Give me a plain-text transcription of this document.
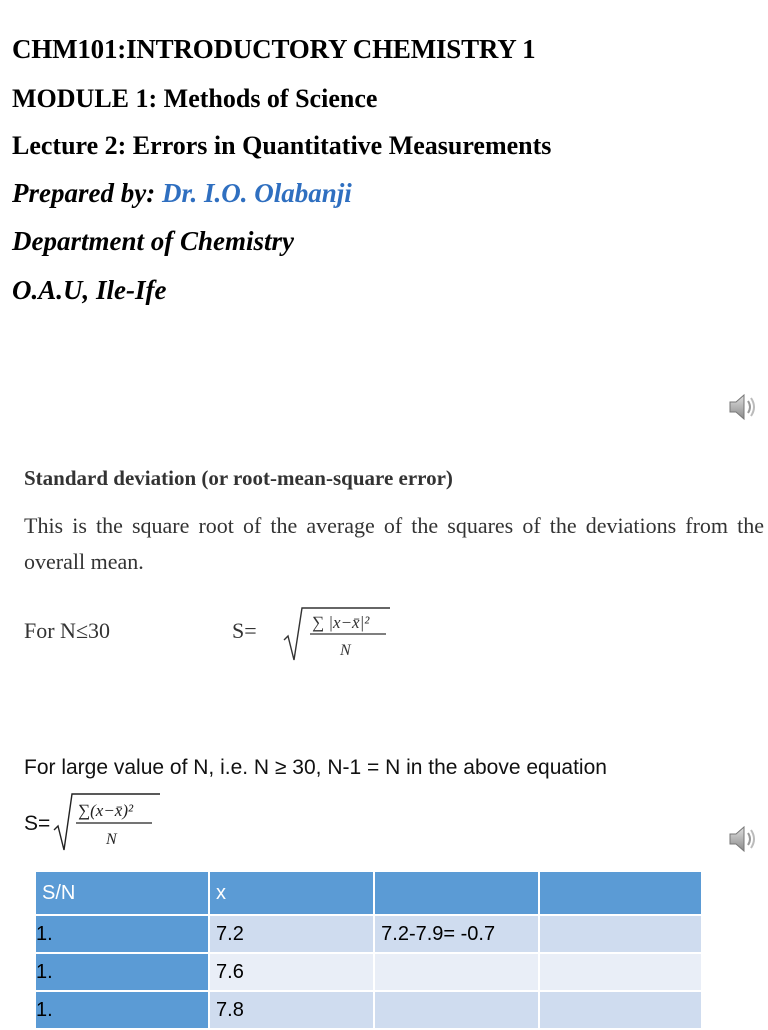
CHM101:INTRODUCTORY CHEMISTRY 1
MODULE 1: Methods of Science
Lecture 2: Errors in Quantitative Measurements
Prepared by: Dr. I.O. Olabanji
Department of Chemistry
O.A.U, Ile-Ife
Standard deviation (or root-mean-square error)
This is the square root of the average of the squares of the deviations from the overall mean.
For N≤30	S=	∑ |x−x̄|²
N
For large value of N, i.e. N ≥ 30, N-1 = N in the above equation
S=
∑(x−x̄)²
N
S/N	x		
1.	7.2	7.2-7.9= -0.7	
1.	7.6		
1.	7.8		
